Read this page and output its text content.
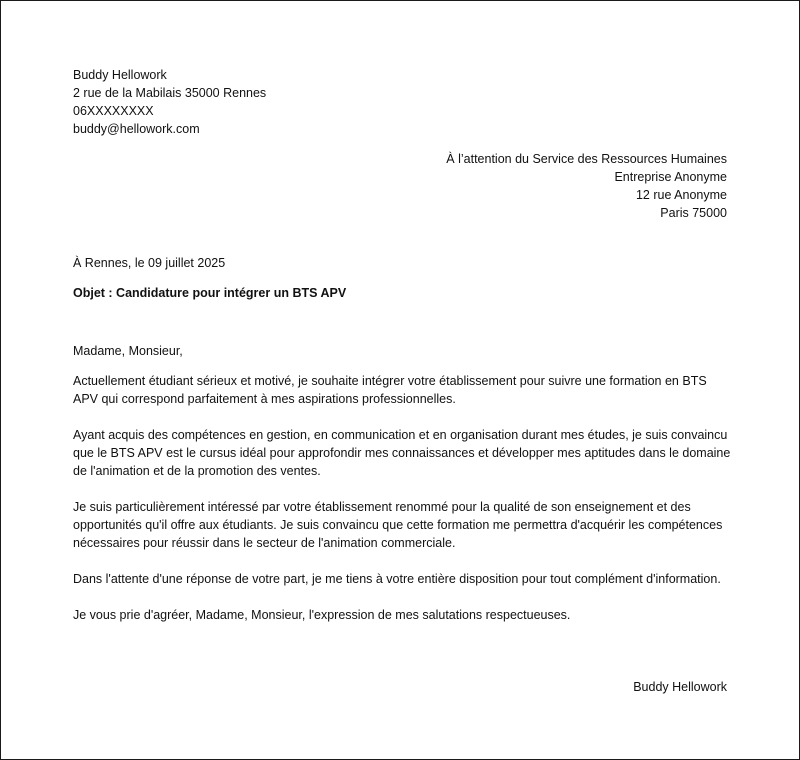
Buddy Hellowork
2 rue de la Mabilais 35000 Rennes
06XXXXXXXX
buddy@hellowork.com
À l’attention du Service des Ressources Humaines
Entreprise Anonyme
12 rue Anonyme
Paris 75000
À Rennes, le 09 juillet 2025
Objet : Candidature pour intégrer un BTS APV
Madame, Monsieur,

Actuellement étudiant sérieux et motivé, je souhaite intégrer votre établissement pour suivre une formation en BTS APV qui correspond parfaitement à mes aspirations professionnelles.

Ayant acquis des compétences en gestion, en communication et en organisation durant mes études, je suis convaincu que le BTS APV est le cursus idéal pour approfondir mes connaissances et développer mes aptitudes dans le domaine de l'animation et de la promotion des ventes.

Je suis particulièrement intéressé par votre établissement renommé pour la qualité de son enseignement et des opportunités qu'il offre aux étudiants. Je suis convaincu que cette formation me permettra d'acquérir les compétences nécessaires pour réussir dans le secteur de l'animation commerciale.

Dans l'attente d'une réponse de votre part, je me tiens à votre entière disposition pour tout complément d'information.

Je vous prie d'agréer, Madame, Monsieur, l'expression de mes salutations respectueuses.

Buddy Hellowork
